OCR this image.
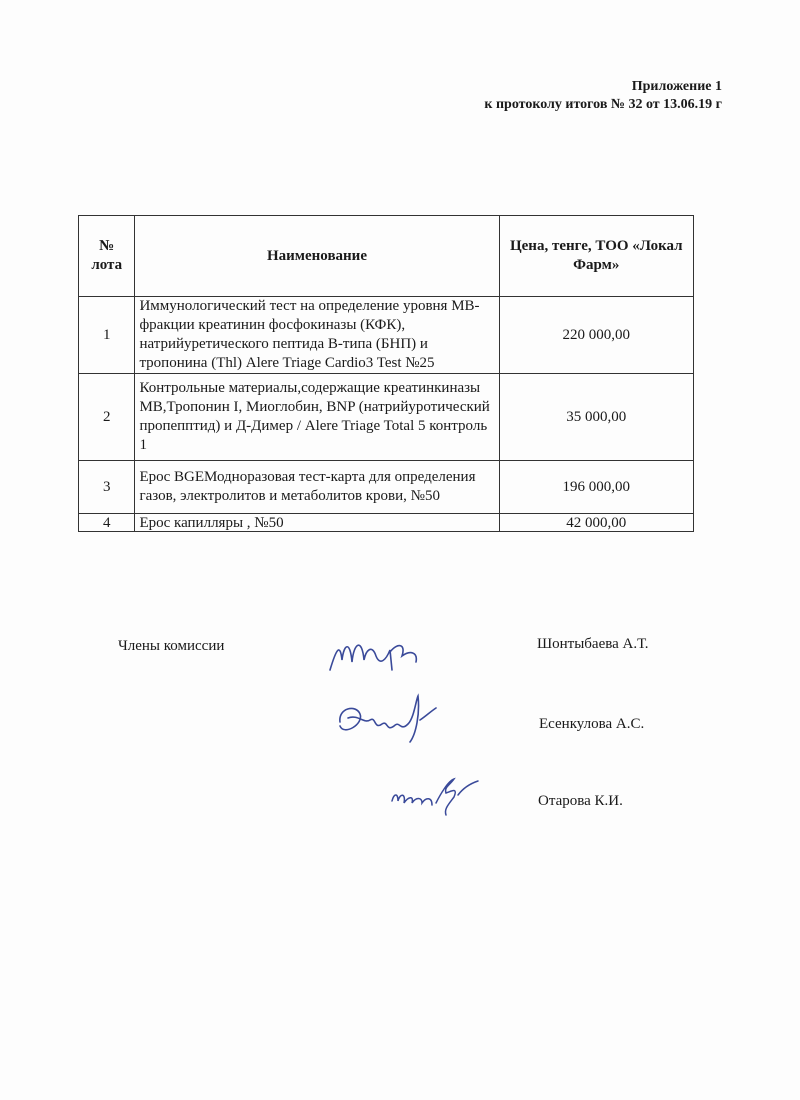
Приложение 1
к протоколу итогов № 32 от 13.06.19 г
№ лота	Наименование	Цена, тенге, ТОО «Локал Фарм»
1	Иммунологический тест на определение уровня МВ-фракции креатинин фосфокиназы (КФК), натрийуретического пептида В-типа (БНП) и тропонина (Thl) Alere Triage Cardio3 Test №25	220 000,00
2	Контрольные материалы,содержащие креатинкиназы МВ,Тропонин I, Миоглобин, BNP (натрийуротический пропепптид) и Д-Димер / Alere Triage Total 5 контроль 1	35 000,00
3	Epoc BGEМодноразовая тест-карта для определения газов, электролитов и метаболитов крови, №50	196 000,00
4	Epoc капилляры , №50	42 000,00
Члены комиссии	Шонтыбаева А.Т.
Есенкулова А.С.
Отарова К.И.
